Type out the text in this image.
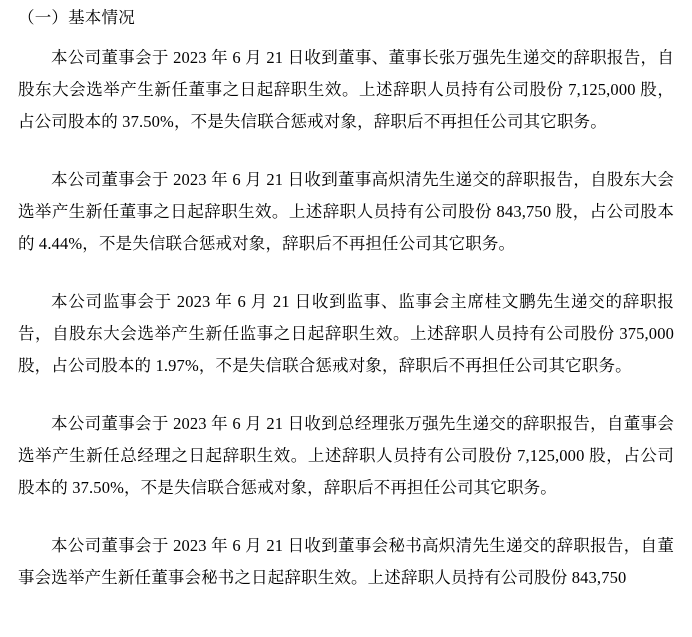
（一）基本情况

本公司董事会于 2023 年 6 月 21 日收到董事、董事长张万强先生递交的辞职报告，自股东大会选举产生新任董事之日起辞职生效。上述辞职人员持有公司股份 7,125,000 股，占公司股本的 37.50%，不是失信联合惩戒对象，辞职后不再担任公司其它职务。

本公司董事会于 2023 年 6 月 21 日收到董事高炽清先生递交的辞职报告，自股东大会选举产生新任董事之日起辞职生效。上述辞职人员持有公司股份 843,750 股，占公司股本的 4.44%，不是失信联合惩戒对象，辞职后不再担任公司其它职务。

本公司监事会于 2023 年 6 月 21 日收到监事、监事会主席桂文鹏先生递交的辞职报告，自股东大会选举产生新任监事之日起辞职生效。上述辞职人员持有公司股份 375,000 股，占公司股本的 1.97%，不是失信联合惩戒对象，辞职后不再担任公司其它职务。

本公司董事会于 2023 年 6 月 21 日收到总经理张万强先生递交的辞职报告，自董事会选举产生新任总经理之日起辞职生效。上述辞职人员持有公司股份 7,125,000 股，占公司股本的 37.50%，不是失信联合惩戒对象，辞职后不再担任公司其它职务。

本公司董事会于 2023 年 6 月 21 日收到董事会秘书高炽清先生递交的辞职报告，自董事会选举产生新任董事会秘书之日起辞职生效。上述辞职人员持有公司股份 843,750
